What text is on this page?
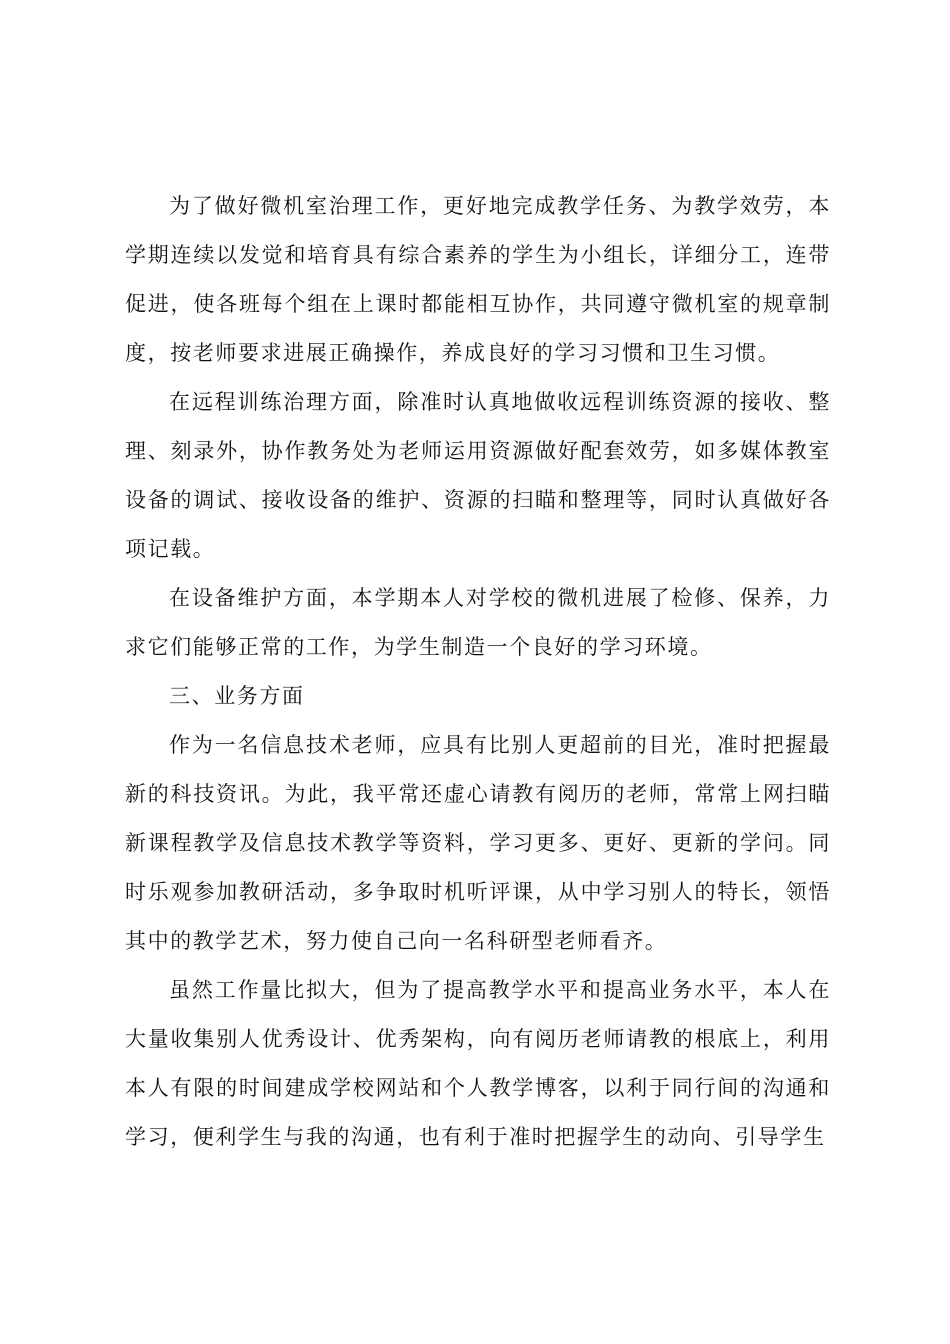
为了做好微机室治理工作，更好地完成教学任务、为教学效劳，本学期连续以发觉和培育具有综合素养的学生为小组长，详细分工，连带促进，使各班每个组在上课时都能相互协作，共同遵守微机室的规章制度，按老师要求进展正确操作，养成良好的学习习惯和卫生习惯。

在远程训练治理方面，除准时认真地做收远程训练资源的接收、整理、刻录外，协作教务处为老师运用资源做好配套效劳，如多媒体教室设备的调试、接收设备的维护、资源的扫瞄和整理等，同时认真做好各项记载。

在设备维护方面，本学期本人对学校的微机进展了检修、保养，力求它们能够正常的工作，为学生制造一个良好的学习环境。

三、业务方面

作为一名信息技术老师，应具有比别人更超前的目光，准时把握最新的科技资讯。为此，我平常还虚心请教有阅历的老师，常常上网扫瞄新课程教学及信息技术教学等资料，学习更多、更好、更新的学问。同时乐观参加教研活动，多争取时机听评课，从中学习别人的特长，领悟其中的教学艺术，努力使自己向一名科研型老师看齐。

虽然工作量比拟大，但为了提高教学水平和提高业务水平，本人在大量收集别人优秀设计、优秀架构，向有阅历老师请教的根底上，利用本人有限的时间建成学校网站和个人教学博客，以利于同行间的沟通和学习，便利学生与我的沟通，也有利于准时把握学生的动向、引导学生
